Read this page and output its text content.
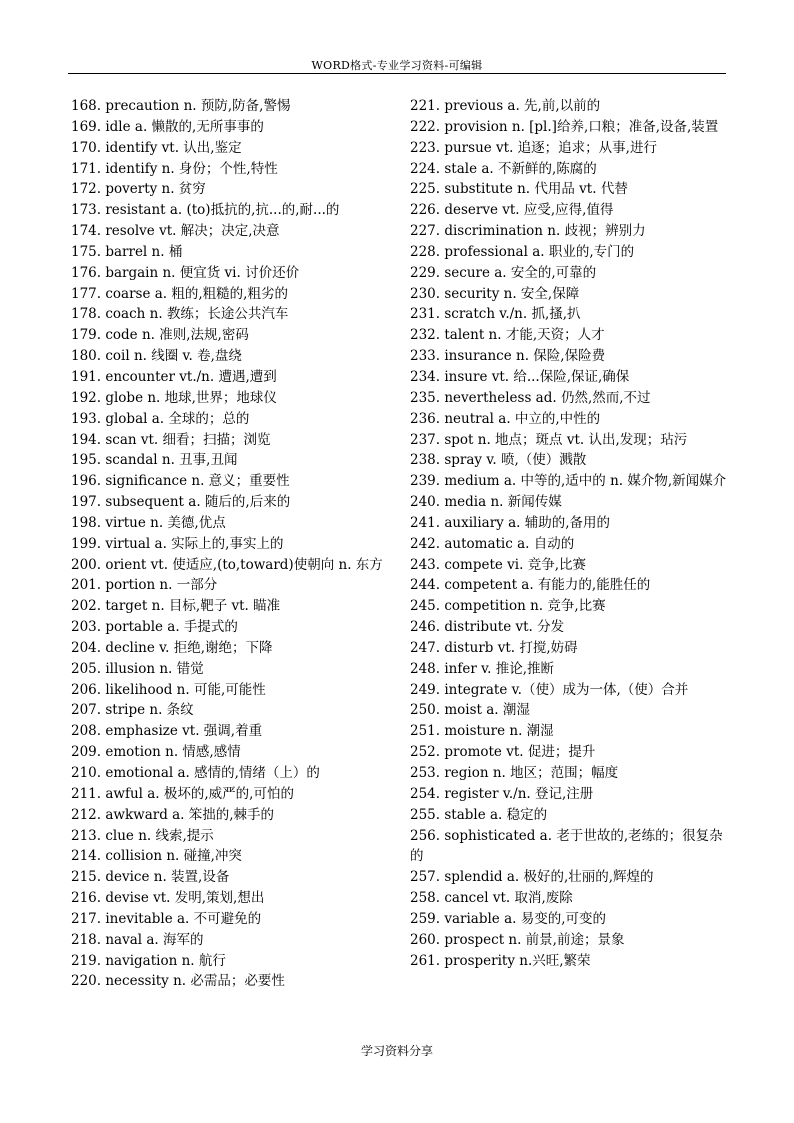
WORD格式-专业学习资料-可编辑
168. precaution n. 预防,防备,警惕
169. idle a. 懒散的,无所事事的
170. identify vt. 认出,鉴定
171. identify n. 身份；个性,特性
172. poverty n. 贫穷
173. resistant a. (to)抵抗的,抗...的,耐...的
174. resolve vt. 解决；决定,决意
175. barrel n. 桶
176. bargain n. 便宜货 vi. 讨价还价
177. coarse a. 粗的,粗糙的,粗劣的
178. coach n. 教练；长途公共汽车
179. code n. 准则,法规,密码
180. coil n. 线圈 v. 卷,盘绕
191. encounter vt./n. 遭遇,遭到
192. globe n. 地球,世界；地球仪
193. global a. 全球的；总的
194. scan vt. 细看；扫描；浏览
195. scandal n. 丑事,丑闻
196. significance n. 意义；重要性
197. subsequent a. 随后的,后来的
198. virtue n. 美德,优点
199. virtual a. 实际上的,事实上的
200. orient vt. 使适应,(to,toward)使朝向 n. 东方
201. portion n. 一部分
202. target n. 目标,靶子 vt. 瞄准
203. portable a. 手提式的
204. decline v. 拒绝,谢绝；下降
205. illusion n. 错觉
206. likelihood n. 可能,可能性
207. stripe n. 条纹
208. emphasize vt. 强调,着重
209. emotion n. 情感,感情
210. emotional a. 感情的,情绪（上）的
211. awful a. 极坏的,威严的,可怕的
212. awkward a. 笨拙的,棘手的
213. clue n. 线索,提示
214. collision n. 碰撞,冲突
215. device n. 装置,设备
216. devise vt. 发明,策划,想出
217. inevitable a. 不可避免的
218. naval a. 海军的
219. navigation n. 航行
220. necessity n. 必需品；必要性
221. previous a. 先,前,以前的
222. provision n. [pl.]给养,口粮；准备,设备,装置
223. pursue vt. 追逐；追求；从事,进行
224. stale a. 不新鲜的,陈腐的
225. substitute n. 代用品 vt. 代替
226. deserve vt. 应受,应得,值得
227. discrimination n. 歧视；辨别力
228. professional a. 职业的,专门的
229. secure a. 安全的,可靠的
230. security n. 安全,保障
231. scratch v./n. 抓,搔,扒
232. talent n. 才能,天资；人才
233. insurance n. 保险,保险费
234. insure vt. 给...保险,保证,确保
235. nevertheless ad. 仍然,然而,不过
236. neutral a. 中立的,中性的
237. spot n. 地点；斑点 vt. 认出,发现；玷污
238. spray v. 喷,（使）溅散
239. medium a. 中等的,适中的 n. 媒介物,新闻媒介
240. media n. 新闻传媒
241. auxiliary a. 辅助的,备用的
242. automatic a. 自动的
243. compete vi. 竞争,比赛
244. competent a. 有能力的,能胜任的
245. competition n. 竞争,比赛
246. distribute vt. 分发
247. disturb vt. 打搅,妨碍
248. infer v. 推论,推断
249. integrate v.（使）成为一体,（使）合并
250. moist a. 潮湿
251. moisture n. 潮湿
252. promote vt. 促进；提升
253. region n. 地区；范围；幅度
254. register v./n. 登记,注册
255. stable a. 稳定的
256. sophisticated a. 老于世故的,老练的；很复杂的
257. splendid a. 极好的,壮丽的,辉煌的
258. cancel vt. 取消,废除
259. variable a. 易变的,可变的
260. prospect n. 前景,前途；景象
261. prosperity n.兴旺,繁荣
学习资料分享
